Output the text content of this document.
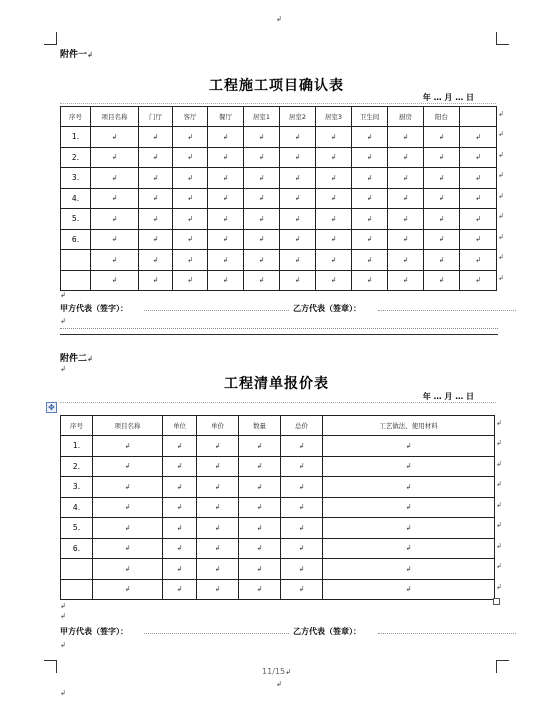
↲
附件一↲
工程施工项目确认表
年 … 月 … 日
序号	项目名称	门厅	客厅	餐厅	居室1	居室2	居室3	卫生间	厨房	阳台	
1.	↲	↲	↲	↲	↲	↲	↲	↲	↲	↲	↲
2.	↲	↲	↲	↲	↲	↲	↲	↲	↲	↲	↲
3.	↲	↲	↲	↲	↲	↲	↲	↲	↲	↲	↲
4.	↲	↲	↲	↲	↲	↲	↲	↲	↲	↲	↲
5.	↲	↲	↲	↲	↲	↲	↲	↲	↲	↲	↲
6.	↲	↲	↲	↲	↲	↲	↲	↲	↲	↲	↲
	↲	↲	↲	↲	↲	↲	↲	↲	↲	↲	↲
	↲	↲	↲	↲	↲	↲	↲	↲	↲	↲	↲
↲
↲
↲
↲
↲
↲
↲
↲
↲
↲
甲方代表（签字）：	乙方代表（签章）：
↲
附件二↲
↲
工程清单报价表
✥
年 … 月 … 日
序号	项目名称	单位	单价	数量	总价	工艺做法、使用材料
1.	↲	↲	↲	↲	↲	↲
2.	↲	↲	↲	↲	↲	↲
3.	↲	↲	↲	↲	↲	↲
4.	↲	↲	↲	↲	↲	↲
5.	↲	↲	↲	↲	↲	↲
6.	↲	↲	↲	↲	↲	↲
	↲	↲	↲	↲	↲	↲
	↲	↲	↲	↲	↲	↲
↲
↲
↲
↲
↲
↲
↲
↲
↲
↲
↲
甲方代表（签字）：	乙方代表（签章）：
↲
11/15↲
↲
↲
